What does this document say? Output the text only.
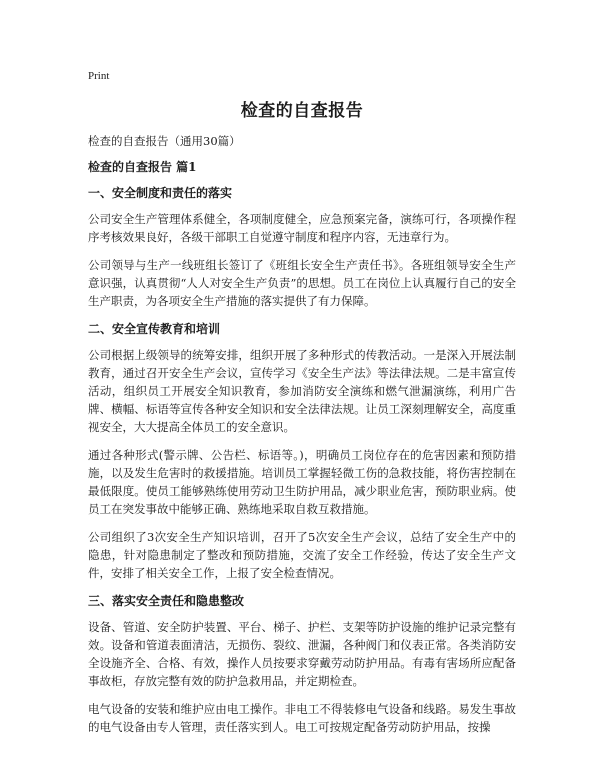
Print
检查的自查报告

检查的自查报告（通用30篇）

检查的自查报告 篇1

一、安全制度和责任的落实

公司安全生产管理体系健全，各项制度健全，应急预案完备，演练可行，各项操作程序考核效果良好，各级干部职工自觉遵守制度和程序内容，无违章行为。

公司领导与生产一线班组长签订了《班组长安全生产责任书》。各班组领导安全生产意识强，认真贯彻“人人对安全生产负责”的思想。员工在岗位上认真履行自己的安全生产职责，为各项安全生产措施的落实提供了有力保障。

二、安全宣传教育和培训

公司根据上级领导的统筹安排，组织开展了多种形式的传教活动。一是深入开展法制教育，通过召开安全生产会议，宣传学习《安全生产法》等法律法规。二是丰富宣传活动，组织员工开展安全知识教育，参加消防安全演练和燃气泄漏演练，利用广告牌、横幅、标语等宣传各种安全知识和安全法律法规。让员工深刻理解安全，高度重视安全，大大提高全体员工的安全意识。

通过各种形式(警示牌、公告栏、标语等。)，明确员工岗位存在的危害因素和预防措施，以及发生危害时的救援措施。培训员工掌握轻微工伤的急救技能，将伤害控制在最低限度。使员工能够熟练使用劳动卫生防护用品，减少职业危害，预防职业病。使员工在突发事故中能够正确、熟练地采取自救互救措施。

公司组织了3次安全生产知识培训，召开了5次安全生产会议，总结了安全生产中的隐患，针对隐患制定了整改和预防措施，交流了安全工作经验，传达了安全生产文件，安排了相关安全工作，上报了安全检查情况。

三、落实安全责任和隐患整改

设备、管道、安全防护装置、平台、梯子、护栏、支架等防护设施的维护记录完整有效。设备和管道表面清洁，无损伤、裂纹、泄漏，各种阀门和仪表正常。各类消防安全设施齐全、合格、有效，操作人员按要求穿戴劳动防护用品。有毒有害场所应配备事故柜，存放完整有效的防护急救用品，并定期检查。

电气设备的安装和维护应由电工操作。非电工不得装修电气设备和线路。易发生事故的电气设备由专人管理，责任落实到人。电工可按规定配备劳动防护用品，按操
